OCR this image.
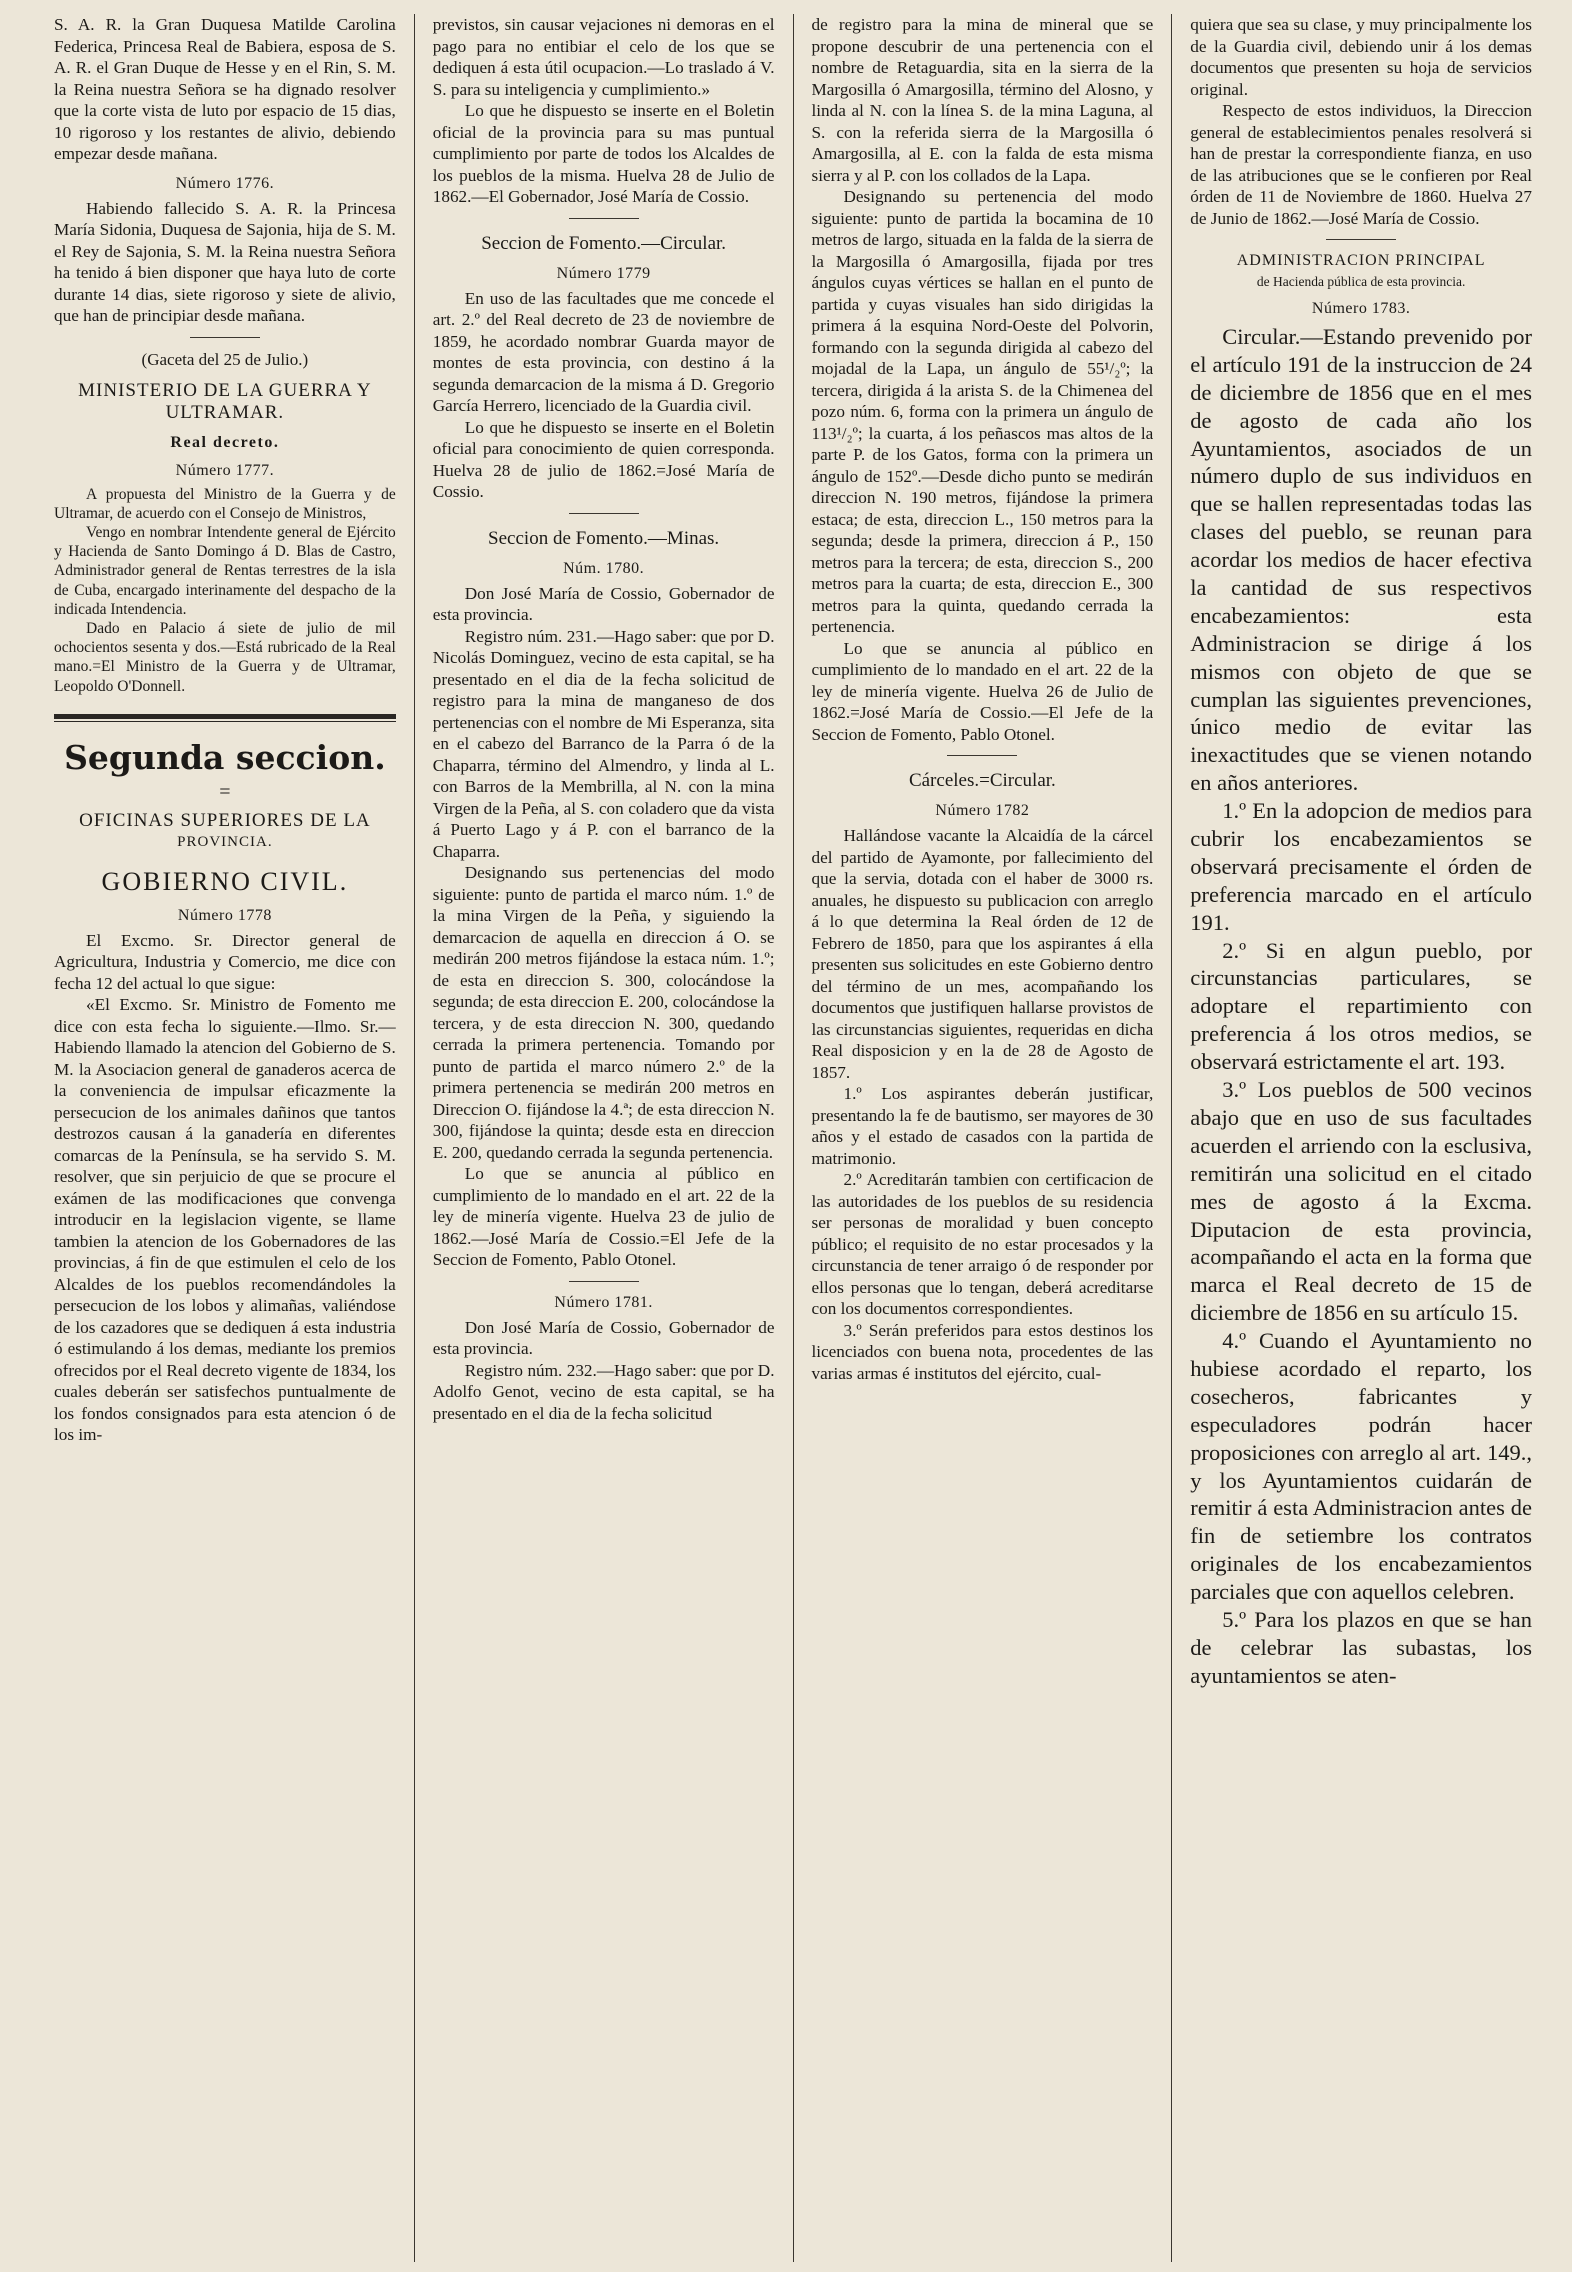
S. A. R. la Gran Duquesa Matilde Carolina Federica, Princesa Real de Babiera, esposa de S. A. R. el Gran Duque de Hesse y en el Rin, S. M. la Reina nuestra Señora se ha dignado resolver que la corte vista de luto por espacio de 15 dias, 10 rigoroso y los restantes de alivio, debiendo empezar desde mañana.

Número 1776.

Habiendo fallecido S. A. R. la Princesa María Sidonia, Duquesa de Sajonia, hija de S. M. el Rey de Sajonia, S. M. la Reina nuestra Señora ha tenido á bien disponer que haya luto de corte durante 14 dias, siete rigoroso y siete de alivio, que han de principiar desde mañana.

(Gaceta del 25 de Julio.)
MINISTERIO DE LA GUERRA Y ULTRAMAR.
Real decreto.
Número 1777.

A propuesta del Ministro de la Guerra y de Ultramar, de acuerdo con el Consejo de Ministros,

Vengo en nombrar Intendente general de Ejército y Hacienda de Santo Domingo á D. Blas de Castro, Administrador general de Rentas terrestres de la isla de Cuba, encargado interinamente del despacho de la indicada Intendencia.

Dado en Palacio á siete de julio de mil ochocientos sesenta y dos.—Está rubricado de la Real mano.=El Ministro de la Guerra y de Ultramar, Leopoldo O'Donnell.

Segunda seccion.
=
OFICINAS SUPERIORES DE LA
PROVINCIA.
GOBIERNO CIVIL.
Número 1778

El Excmo. Sr. Director general de Agricultura, Industria y Comercio, me dice con fecha 12 del actual lo que sigue:

«El Excmo. Sr. Ministro de Fomento me dice con esta fecha lo siguiente.—Ilmo. Sr.—Habiendo llamado la atencion del Gobierno de S. M. la Asociacion general de ganaderos acerca de la conveniencia de impulsar eficazmente la persecucion de los animales dañinos que tantos destrozos causan á la ganadería en diferentes comarcas de la Península, se ha servido S. M. resolver, que sin perjuicio de que se procure el exámen de las modificaciones que convenga introducir en la legislacion vigente, se llame tambien la atencion de los Gobernadores de las provincias, á fin de que estimulen el celo de los Alcaldes de los pueblos recomendándoles la persecucion de los lobos y alimañas, valiéndose de los cazadores que se dediquen á esta industria ó estimulando á los demas, mediante los premios ofrecidos por el Real decreto vigente de 1834, los cuales deberán ser satisfechos puntualmente de los fondos consignados para esta atencion ó de los im-

previstos, sin causar vejaciones ni demoras en el pago para no entibiar el celo de los que se dediquen á esta útil ocupacion.—Lo traslado á V. S. para su inteligencia y cumplimiento.»

Lo que he dispuesto se inserte en el Boletin oficial de la provincia para su mas puntual cumplimiento por parte de todos los Alcaldes de los pueblos de la misma. Huelva 28 de Julio de 1862.—El Gobernador, José María de Cossio.

Seccion de Fomento.—Circular.
Número 1779

En uso de las facultades que me concede el art. 2.º del Real decreto de 23 de noviembre de 1859, he acordado nombrar Guarda mayor de montes de esta provincia, con destino á la segunda demarcacion de la misma á D. Gregorio García Herrero, licenciado de la Guardia civil.

Lo que he dispuesto se inserte en el Boletin oficial para conocimiento de quien corresponda. Huelva 28 de julio de 1862.=José María de Cossio.

Seccion de Fomento.—Minas.
Núm. 1780.

Don José María de Cossio, Gobernador de esta provincia.

Registro núm. 231.—Hago saber: que por D. Nicolás Dominguez, vecino de esta capital, se ha presentado en el dia de la fecha solicitud de registro para la mina de manganeso de dos pertenencias con el nombre de Mi Esperanza, sita en el cabezo del Barranco de la Parra ó de la Chaparra, término del Almendro, y linda al L. con Barros de la Membrilla, al N. con la mina Virgen de la Peña, al S. con coladero que da vista á Puerto Lago y á P. con el barranco de la Chaparra.

Designando sus pertenencias del modo siguiente: punto de partida el marco núm. 1.º de la mina Virgen de la Peña, y siguiendo la demarcacion de aquella en direccion á O. se medirán 200 metros fijándose la estaca núm. 1.º; de esta en direccion S. 300, colocándose la segunda; de esta direccion E. 200, colocándose la tercera, y de esta direccion N. 300, quedando cerrada la primera pertenencia. Tomando por punto de partida el marco número 2.º de la primera pertenencia se medirán 200 metros en Direccion O. fijándose la 4.ª; de esta direccion N. 300, fijándose la quinta; desde esta en direccion E. 200, quedando cerrada la segunda pertenencia.

Lo que se anuncia al público en cumplimiento de lo mandado en el art. 22 de la ley de minería vigente. Huelva 23 de julio de 1862.—José María de Cossio.=El Jefe de la Seccion de Fomento, Pablo Otonel.

Número 1781.

Don José María de Cossio, Gobernador de esta provincia.

Registro núm. 232.—Hago saber: que por D. Adolfo Genot, vecino de esta capital, se ha presentado en el dia de la fecha solicitud

de registro para la mina de mineral que se propone descubrir de una pertenencia con el nombre de Retaguardia, sita en la sierra de la Margosilla ó Amargosilla, término del Alosno, y linda al N. con la línea S. de la mina Laguna, al S. con la referida sierra de la Margosilla ó Amargosilla, al E. con la falda de esta misma sierra y al P. con los collados de la Lapa.

Designando su pertenencia del modo siguiente: punto de partida la bocamina de 10 metros de largo, situada en la falda de la sierra de la Margosilla ó Amargosilla, fijada por tres ángulos cuyas vértices se hallan en el punto de partida y cuyas visuales han sido dirigidas la primera á la esquina Nord-Oeste del Polvorin, formando con la segunda dirigida al cabezo del mojadal de la Lapa, un ángulo de 55¹/₂º; la tercera, dirigida á la arista S. de la Chimenea del pozo núm. 6, forma con la primera un ángulo de 113¹/₂º; la cuarta, á los peñascos mas altos de la parte P. de los Gatos, forma con la primera un ángulo de 152º.—Desde dicho punto se medirán direccion N. 190 metros, fijándose la primera estaca; de esta, direccion L., 150 metros para la segunda; desde la primera, direccion á P., 150 metros para la tercera; de esta, direccion S., 200 metros para la cuarta; de esta, direccion E., 300 metros para la quinta, quedando cerrada la pertenencia.

Lo que se anuncia al público en cumplimiento de lo mandado en el art. 22 de la ley de minería vigente. Huelva 26 de Julio de 1862.=José María de Cossio.—El Jefe de la Seccion de Fomento, Pablo Otonel.

Cárceles.=Circular.
Número 1782

Hallándose vacante la Alcaidía de la cárcel del partido de Ayamonte, por fallecimiento del que la servia, dotada con el haber de 3000 rs. anuales, he dispuesto su publicacion con arreglo á lo que determina la Real órden de 12 de Febrero de 1850, para que los aspirantes á ella presenten sus solicitudes en este Gobierno dentro del término de un mes, acompañando los documentos que justifiquen hallarse provistos de las circunstancias siguientes, requeridas en dicha Real disposicion y en la de 28 de Agosto de 1857.

1.º Los aspirantes deberán justificar, presentando la fe de bautismo, ser mayores de 30 años y el estado de casados con la partida de matrimonio.

2.º Acreditarán tambien con certificacion de las autoridades de los pueblos de su residencia ser personas de moralidad y buen concepto público; el requisito de no estar procesados y la circunstancia de tener arraigo ó de responder por ellos personas que lo tengan, deberá acreditarse con los documentos correspondientes.

3.º Serán preferidos para estos destinos los licenciados con buena nota, procedentes de las varias armas é institutos del ejército, cual-

quiera que sea su clase, y muy principalmente los de la Guardia civil, debiendo unir á los demas documentos que presenten su hoja de servicios original.

Respecto de estos individuos, la Direccion general de establecimientos penales resolverá si han de prestar la correspondiente fianza, en uso de las atribuciones que se le confieren por Real órden de 11 de Noviembre de 1860. Huelva 27 de Junio de 1862.—José María de Cossio.

ADMINISTRACION PRINCIPAL
de Hacienda pública de esta provincia.
Número 1783.

Circular.—Estando prevenido por el artículo 191 de la instruccion de 24 de diciembre de 1856 que en el mes de agosto de cada año los Ayuntamientos, asociados de un número duplo de sus individuos en que se hallen representadas todas las clases del pueblo, se reunan para acordar los medios de hacer efectiva la cantidad de sus respectivos encabezamientos: esta Administracion se dirige á los mismos con objeto de que se cumplan las siguientes prevenciones, único medio de evitar las inexactitudes que se vienen notando en años anteriores.

1.º En la adopcion de medios para cubrir los encabezamientos se observará precisamente el órden de preferencia marcado en el artículo 191.

2.º Si en algun pueblo, por circunstancias particulares, se adoptare el repartimiento con preferencia á los otros medios, se observará estrictamente el art. 193.

3.º Los pueblos de 500 vecinos abajo que en uso de sus facultades acuerden el arriendo con la esclusiva, remitirán una solicitud en el citado mes de agosto á la Excma. Diputacion de esta provincia, acompañando el acta en la forma que marca el Real decreto de 15 de diciembre de 1856 en su artículo 15.

4.º Cuando el Ayuntamiento no hubiese acordado el reparto, los cosecheros, fabricantes y especuladores podrán hacer proposiciones con arreglo al art. 149., y los Ayuntamientos cuidarán de remitir á esta Administracion antes de fin de setiembre los contratos originales de los encabezamientos parciales que con aquellos celebren.

5.º Para los plazos en que se han de celebrar las subastas, los ayuntamientos se aten-
